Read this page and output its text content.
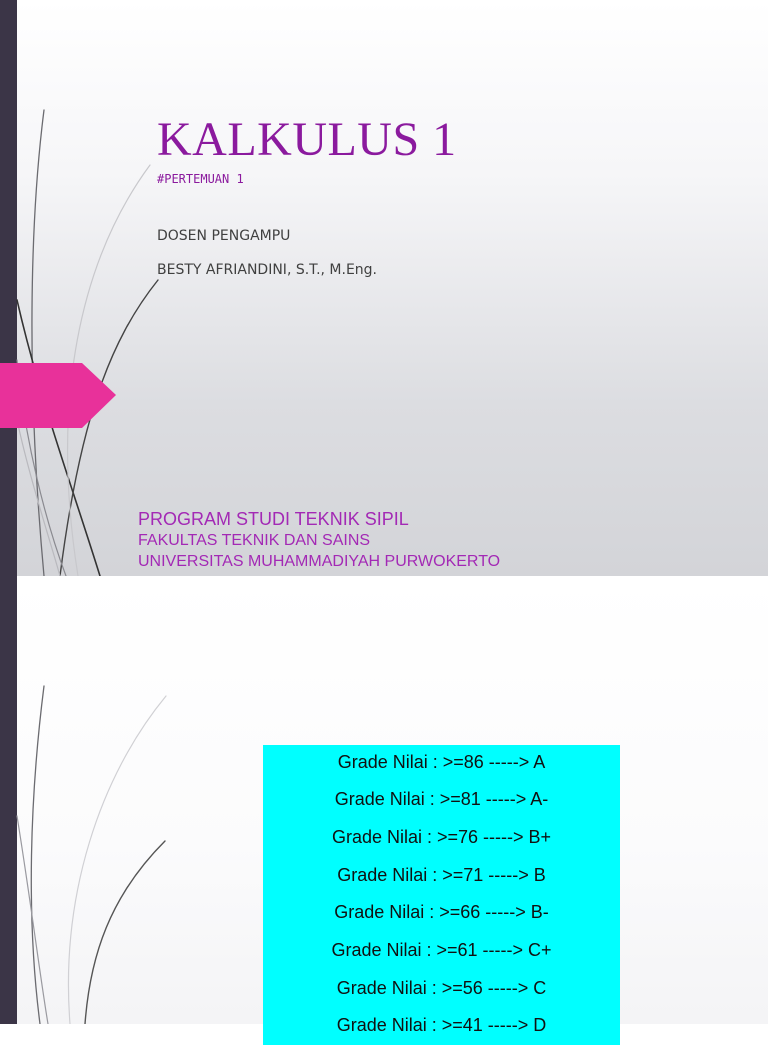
KALKULUS 1
#PERTEMUAN 1
DOSEN PENGAMPU
BESTY AFRIANDINI, S.T., M.Eng.
PROGRAM STUDI TEKNIK SIPIL
FAKULTAS TEKNIK DAN SAINS
UNIVERSITAS MUHAMMADIYAH PURWOKERTO
Grade Nilai : >=86 -----> A
Grade Nilai : >=81 -----> A-
Grade Nilai : >=76 -----> B+
Grade Nilai : >=71 -----> B
Grade Nilai : >=66 -----> B-
Grade Nilai : >=61 -----> C+
Grade Nilai : >=56 -----> C
Grade Nilai : >=41 -----> D
